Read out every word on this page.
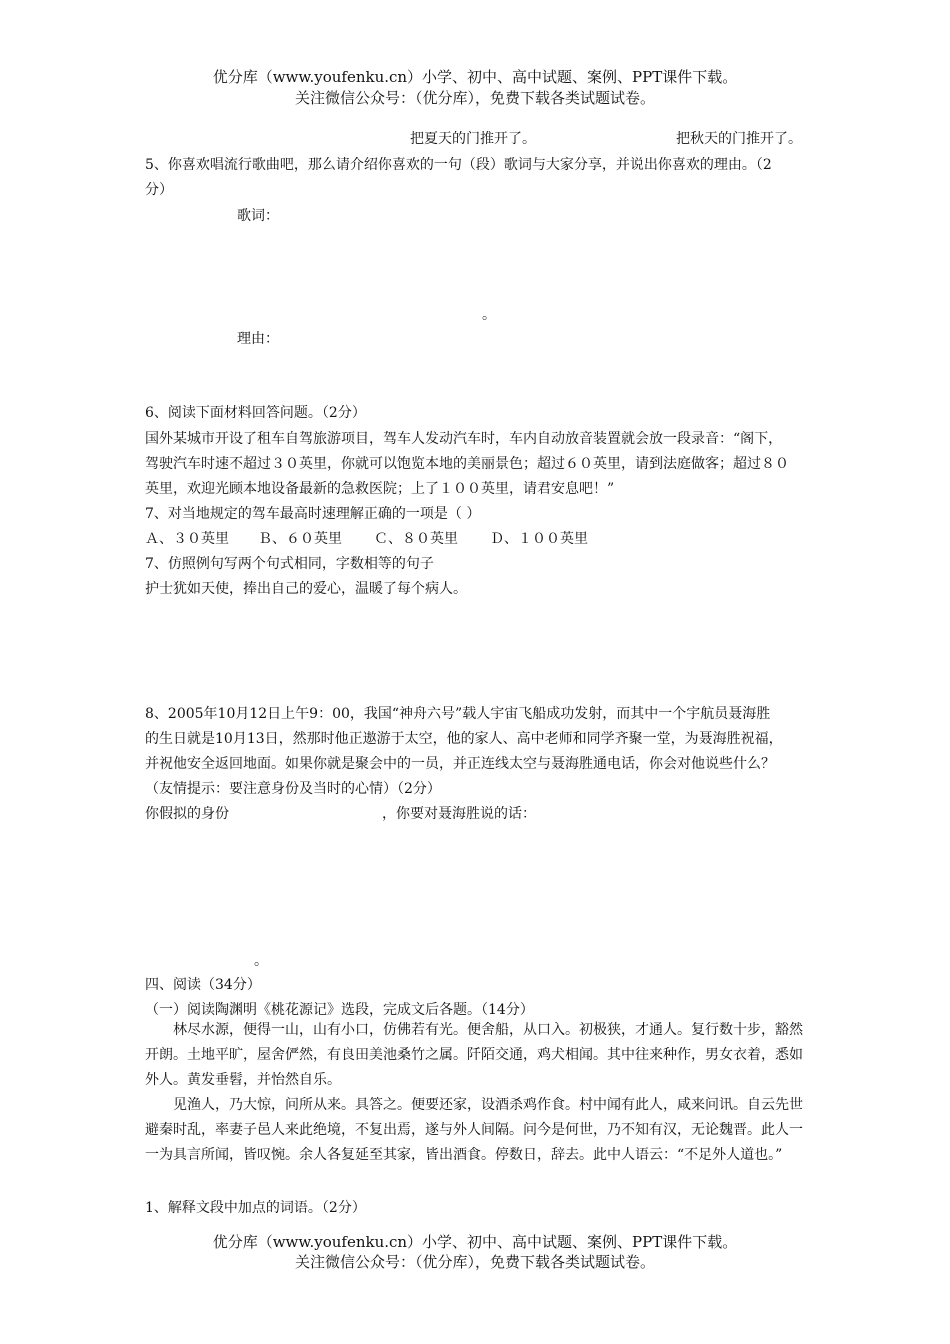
优分库（www.youfenku.cn）小学、初中、高中试题、案例、PPT课件下载。
关注微信公众号：（优分库），免费下载各类试题试卷。
把夏天的门推开了。	把秋天的门推开了。
5、你喜欢唱流行歌曲吧，那么请介绍你喜欢的一句（段）歌词与大家分享，并说出你喜欢的理由。（2
分）
歌词：
。
理由：
6、阅读下面材料回答问题。（2分）
国外某城市开设了租车自驾旅游项目，驾车人发动汽车时，车内自动放音装置就会放一段录音：“阁下，
驾驶汽车时速不超过３０英里，你就可以饱览本地的美丽景色；超过６０英里，请到法庭做客；超过８０
英里，欢迎光顾本地设备最新的急救医院；上了１００英里，请君安息吧！”
7、对当地规定的驾车最高时速理解正确的一项是（ ）
Ａ、３０英里 Ｂ、６０英里 Ｃ、８０英里 Ｄ、１００英里
7、仿照例句写两个句式相同，字数相等的句子
护士犹如天使，捧出自己的爱心，温暖了每个病人。
8、2005年10月12日上午9：00，我国“神舟六号”载人宇宙飞船成功发射，而其中一个宇航员聂海胜
的生日就是10月13日，然那时他正遨游于太空，他的家人、高中老师和同学齐聚一堂，为聂海胜祝福，
并祝他安全返回地面。如果你就是聚会中的一员，并正连线太空与聂海胜通电话，你会对他说些什么？
（友情提示：要注意身份及当时的心情）（2分）
你假拟的身份	，你要对聂海胜说的话：
。
四、阅读（34分）
（一）阅读陶渊明《桃花源记》选段，完成文后各题。（14分）

林尽水源，便得一山，山有小口，仿佛若有光。便舍船，从口入。初极狭，才通人。复行数十步，豁然开朗。土地平旷，屋舍俨然，有良田美池桑竹之属。阡陌交通，鸡犬相闻。其中往来种作，男女衣着，悉如外人。黄发垂髫，并怡然自乐。

见渔人，乃大惊，问所从来。具答之。便要还家，设酒杀鸡作食。村中闻有此人，咸来问讯。自云先世避秦时乱，率妻子邑人来此绝境，不复出焉，遂与外人间隔。问今是何世，乃不知有汉，无论魏晋。此人一一为具言所闻，皆叹惋。余人各复延至其家，皆出酒食。停数日，辞去。此中人语云：“不足外人道也。”

1、解释文段中加点的词语。（2分）
优分库（www.youfenku.cn）小学、初中、高中试题、案例、PPT课件下载。
关注微信公众号：（优分库），免费下载各类试题试卷。
